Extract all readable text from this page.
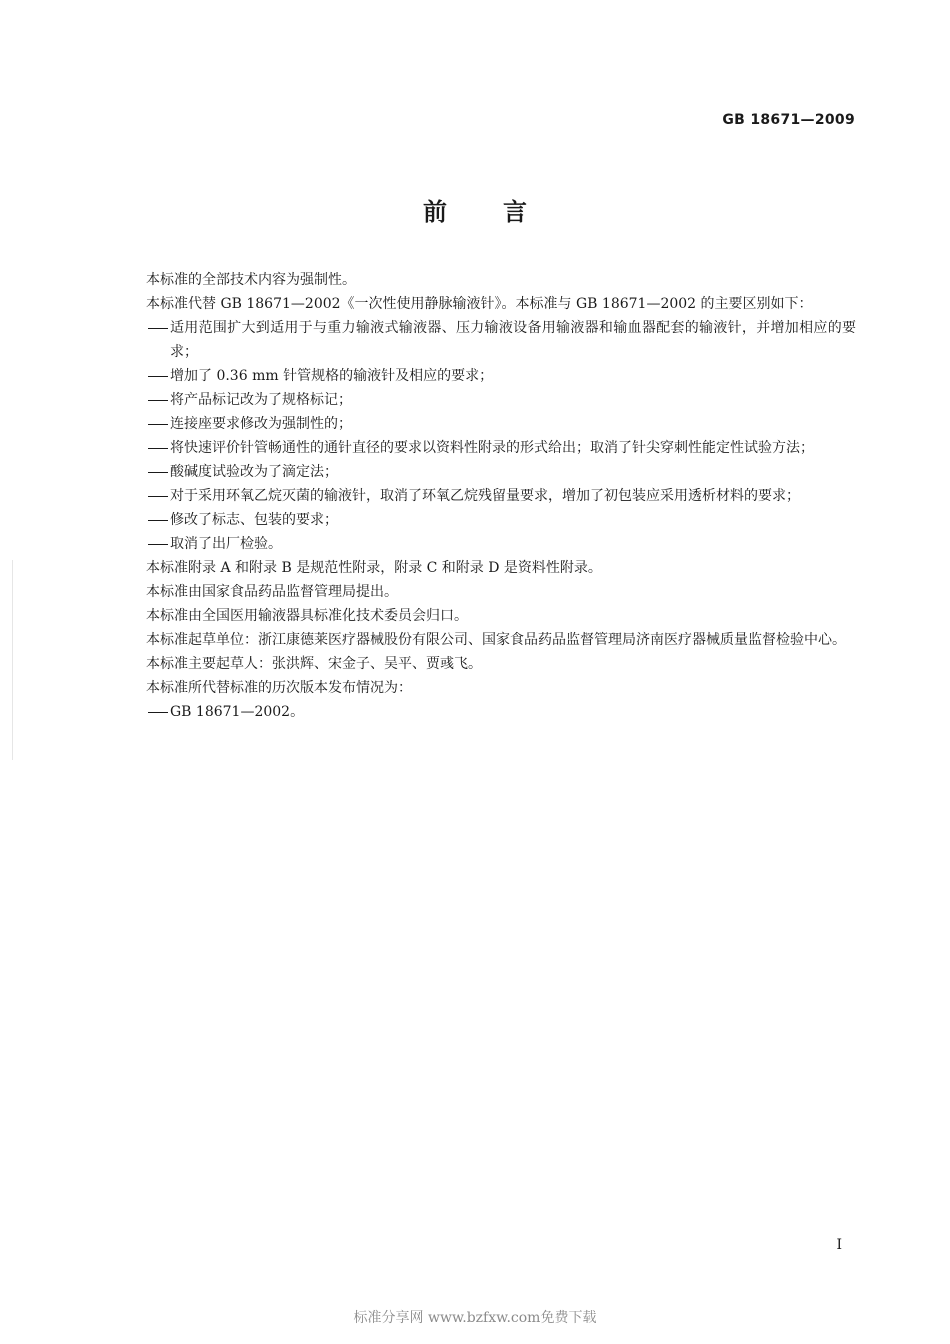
GB 18671—2009
前言

本标准的全部技术内容为强制性。

本标准代替 GB 18671—2002《一次性使用静脉输液针》。本标准与 GB 18671—2002 的主要区别如下：

适用范围扩大到适用于与重力输液式输液器、压力输液设备用输液器和输血器配套的输液针，并增加相应的要求；

增加了 0.36 mm 针管规格的输液针及相应的要求；

将产品标记改为了规格标记；

连接座要求修改为强制性的；

将快速评价针管畅通性的通针直径的要求以资料性附录的形式给出；取消了针尖穿刺性能定性试验方法；

酸碱度试验改为了滴定法；

对于采用环氧乙烷灭菌的输液针，取消了环氧乙烷残留量要求，增加了初包装应采用透析材料的要求；

修改了标志、包装的要求；

取消了出厂检验。

本标准附录 A 和附录 B 是规范性附录，附录 C 和附录 D 是资料性附录。

本标准由国家食品药品监督管理局提出。

本标准由全国医用输液器具标准化技术委员会归口。

本标准起草单位：浙江康德莱医疗器械股份有限公司、国家食品药品监督管理局济南医疗器械质量监督检验中心。

本标准主要起草人：张洪辉、宋金子、吴平、贾彧飞。

本标准所代替标准的历次版本发布情况为：

GB 18671—2002。

I
标准分享网 www.bzfxw.com免费下载
